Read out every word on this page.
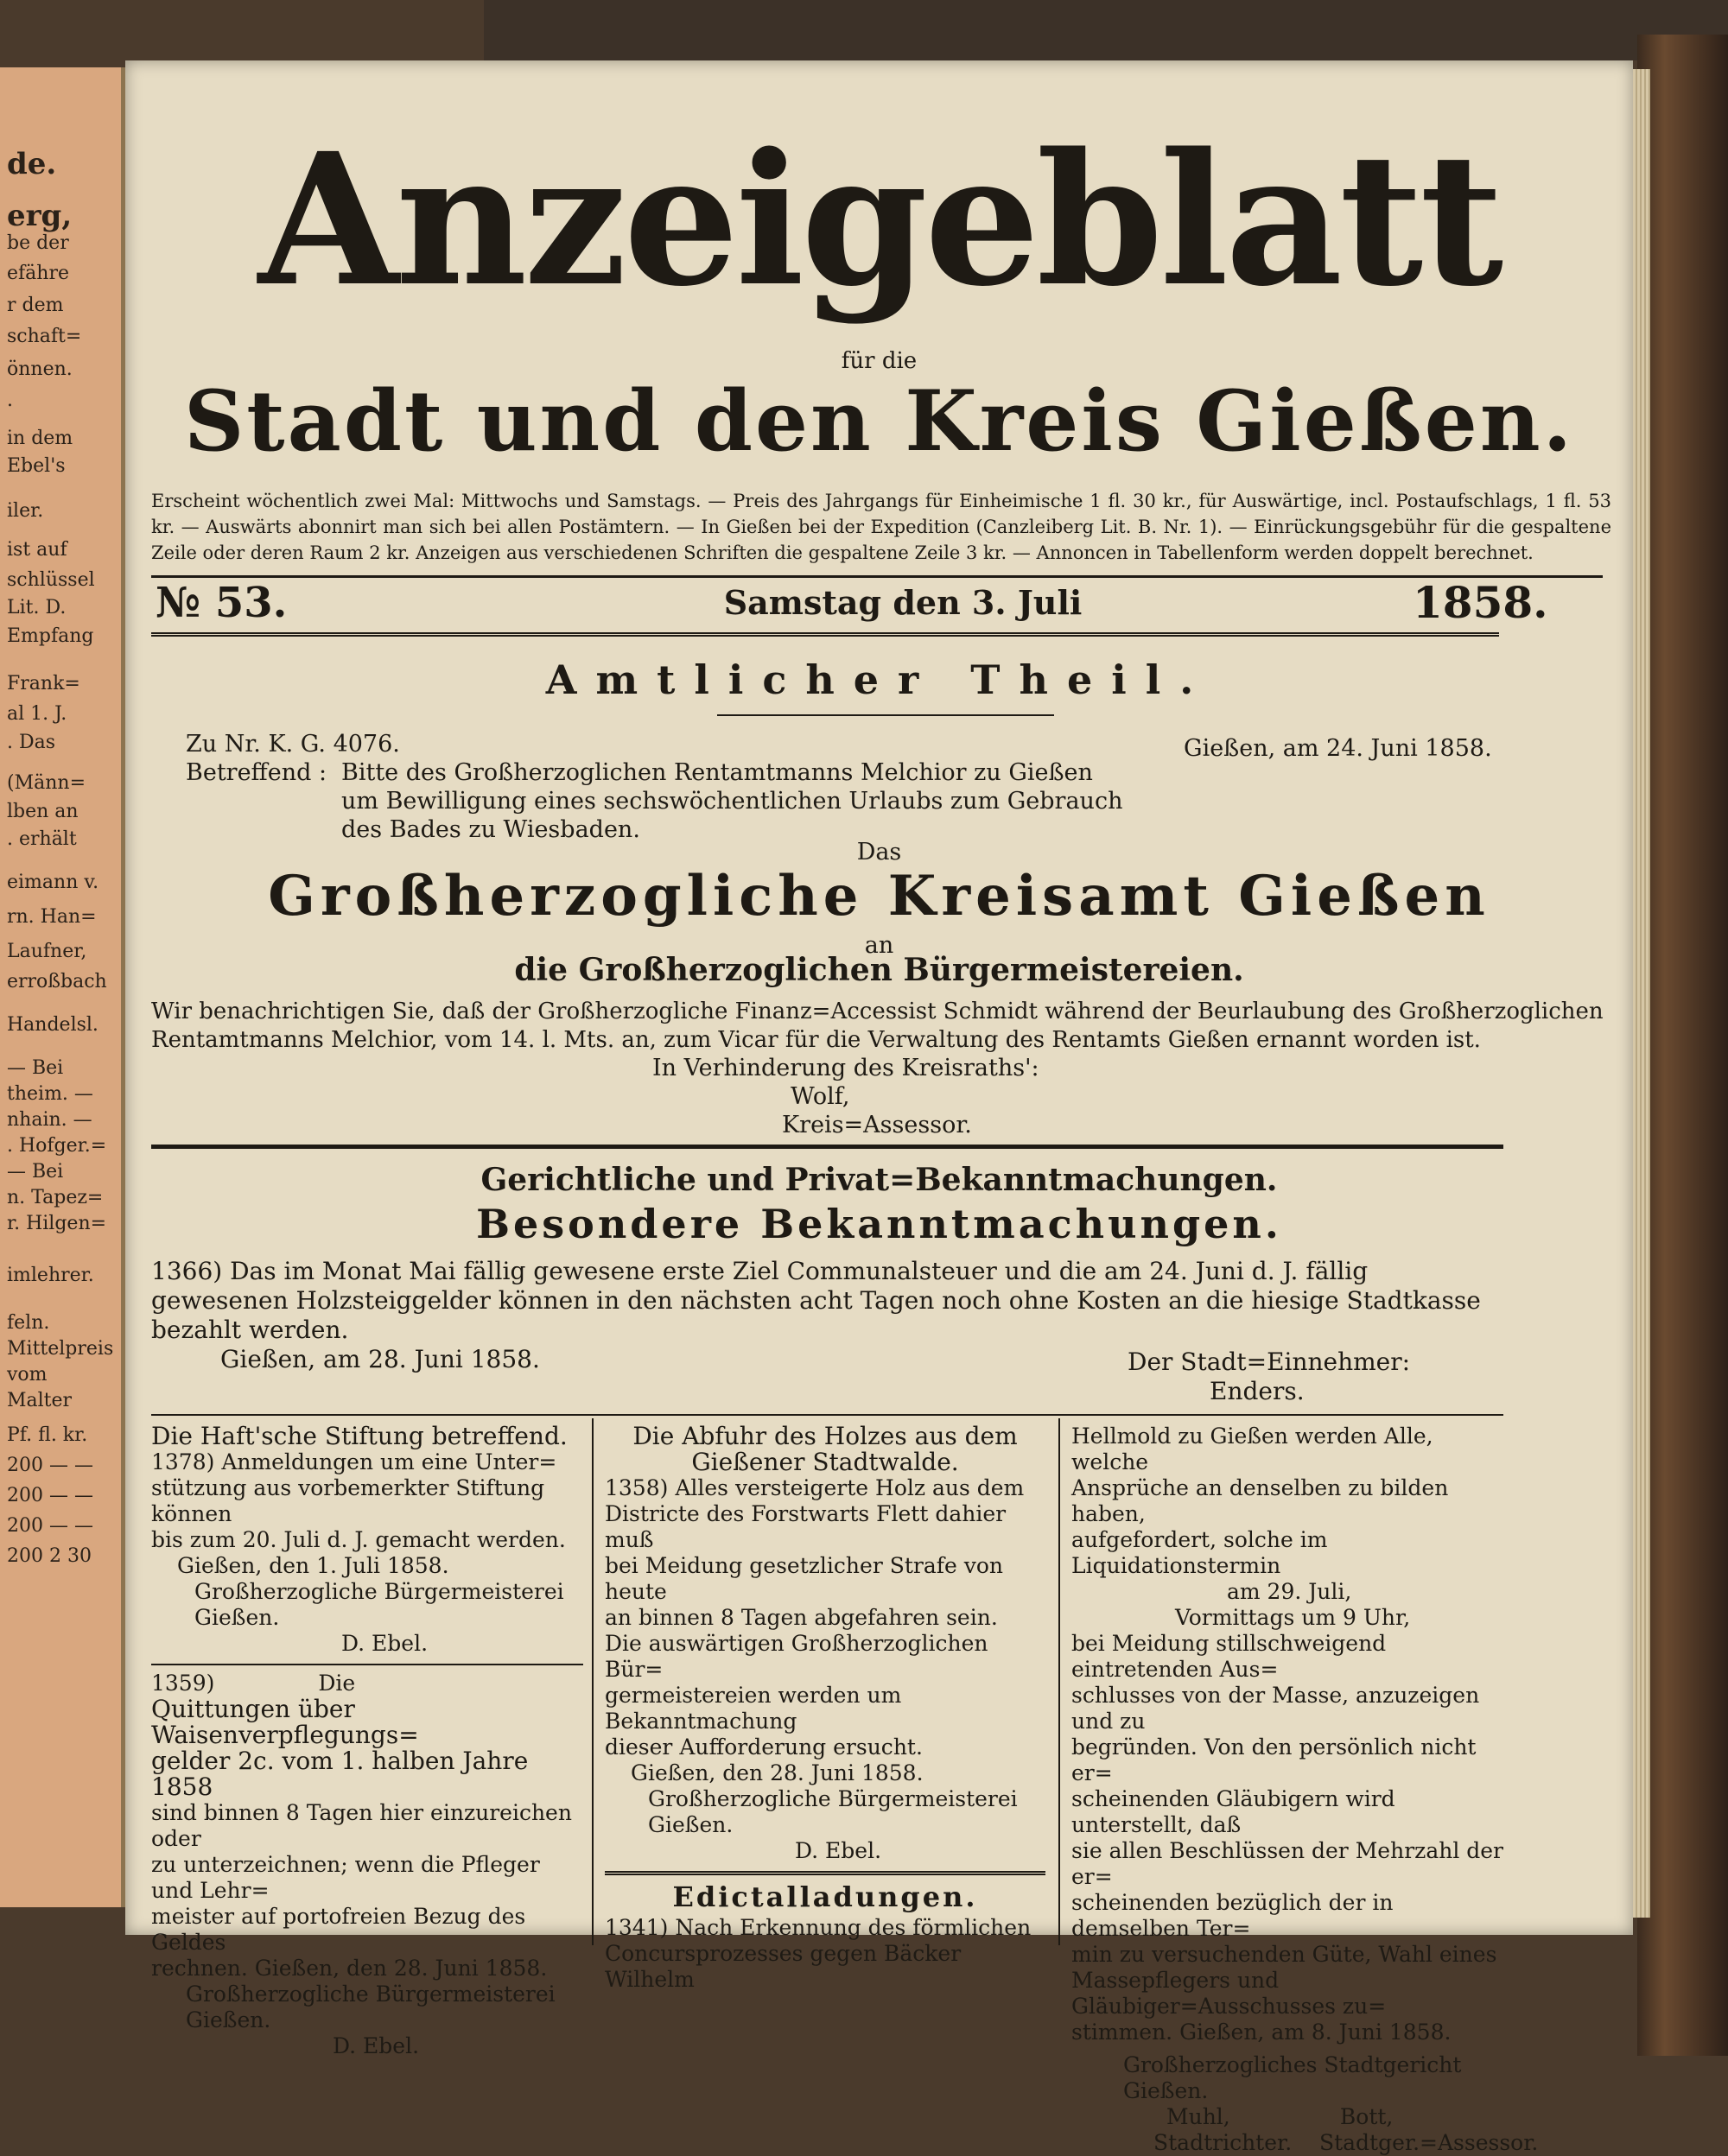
de.
erg,
be der
efähre
r dem
schaft=
önnen.
.
in dem
Ebel's
iler.
ist auf
schlüssel
Lit. D.
Empfang
Frank=
al 1. J.
. Das
(Männ=
lben an
. erhält
eimann v.
rn. Han=
Laufner,
erroßbach
Handelsl.
— Bei
theim. —
nhain. —
. Hofger.=
— Bei
n. Tapez=
r. Hilgen=
imlehrer.
feln.
Mittelpreis
vom
Malter
Pf. fl. kr.
200 — —
200 — —
200 — —
200 2 30
Anzeigeblatt
für die
Stadt und den Kreis Gießen.
Erscheint wöchentlich zwei Mal: Mittwochs und Samstags. — Preis des Jahrgangs für Einheimische 1 fl. 30 kr., für Auswärtige, incl. Postaufschlags, 1 fl. 53 kr. — Auswärts abonnirt man sich bei allen Postämtern. — In Gießen bei der Expedition (Canzleiberg Lit. B. Nr. 1). — Einrückungsgebühr für die gespaltene Zeile oder deren Raum 2 kr. Anzeigen aus verschiedenen Schriften die gespaltene Zeile 3 kr. — Annoncen in Tabellenform werden doppelt berechnet.
№ 53.	Samstag den 3. Juli	1858.
Amtlicher Theil.
Zu Nr. K. G. 4076.	Gießen, am 24. Juni 1858.
Betreffend : Bitte des Großherzoglichen Rentamtmanns Melchior zu Gießen
um Bewilligung eines sechswöchentlichen Urlaubs zum Gebrauch
des Bades zu Wiesbaden.
Das
Großherzogliche Kreisamt Gießen
an
die Großherzoglichen Bürgermeistereien.
Wir benachrichtigen Sie, daß der Großherzogliche Finanz=Accessist Schmidt während der Beurlaubung des Großherzoglichen
Rentamtmanns Melchior, vom 14. l. Mts. an, zum Vicar für die Verwaltung des Rentamts Gießen ernannt worden ist.
In Verhinderung des Kreisraths':
Wolf,
Kreis=Assessor.
Gerichtliche und Privat=Bekanntmachungen.
Besondere Bekanntmachungen.
1366) Das im Monat Mai fällig gewesene erste Ziel Communalsteuer und die am 24. Juni d. J. fällig
gewesenen Holzsteiggelder können in den nächsten acht Tagen noch ohne Kosten an die hiesige Stadtkasse
bezahlt werden.
Gießen, am 28. Juni 1858.	Der Stadt=Einnehmer:
Enders.
Die Haft'sche Stiftung betreffend.
1378) Anmeldungen um eine Unter=
stützung aus vorbemerkter Stiftung können
bis zum 20. Juli d. J. gemacht werden.
Gießen, den 1. Juli 1858.
Großherzogliche Bürgermeisterei Gießen.
D. Ebel.
1359)	Die
Quittungen über Waisenverpflegungs=
gelder 2c. vom 1. halben Jahre 1858
sind binnen 8 Tagen hier einzureichen oder
zu unterzeichnen; wenn die Pfleger und Lehr=
meister auf portofreien Bezug des Geldes
rechnen. Gießen, den 28. Juni 1858.
Großherzogliche Bürgermeisterei Gießen.
D. Ebel.
Die Abfuhr des Holzes aus dem
Gießener Stadtwalde.
1358) Alles versteigerte Holz aus dem
Districte des Forstwarts Flett dahier muß
bei Meidung gesetzlicher Strafe von heute
an binnen 8 Tagen abgefahren sein.
Die auswärtigen Großherzoglichen Bür=
germeistereien werden um Bekanntmachung
dieser Aufforderung ersucht.
Gießen, den 28. Juni 1858.
Großherzogliche Bürgermeisterei Gießen.
D. Ebel.
Edictalladungen.
1341) Nach Erkennung des förmlichen
Concursprozesses gegen Bäcker Wilhelm
Hellmold zu Gießen werden Alle, welche
Ansprüche an denselben zu bilden haben,
aufgefordert, solche im Liquidationstermin
am 29. Juli,
Vormittags um 9 Uhr,
bei Meidung stillschweigend eintretenden Aus=
schlusses von der Masse, anzuzeigen und zu
begründen. Von den persönlich nicht er=
scheinenden Gläubigern wird unterstellt, daß
sie allen Beschlüssen der Mehrzahl der er=
scheinenden bezüglich der in demselben Ter=
min zu versuchenden Güte, Wahl eines
Massepflegers und Gläubiger=Ausschusses zu=
stimmen. Gießen, am 8. Juni 1858.
Großherzogliches Stadtgericht Gießen.
Muhl,                Bott,
Stadtrichter.    Stadtger.=Assessor.
